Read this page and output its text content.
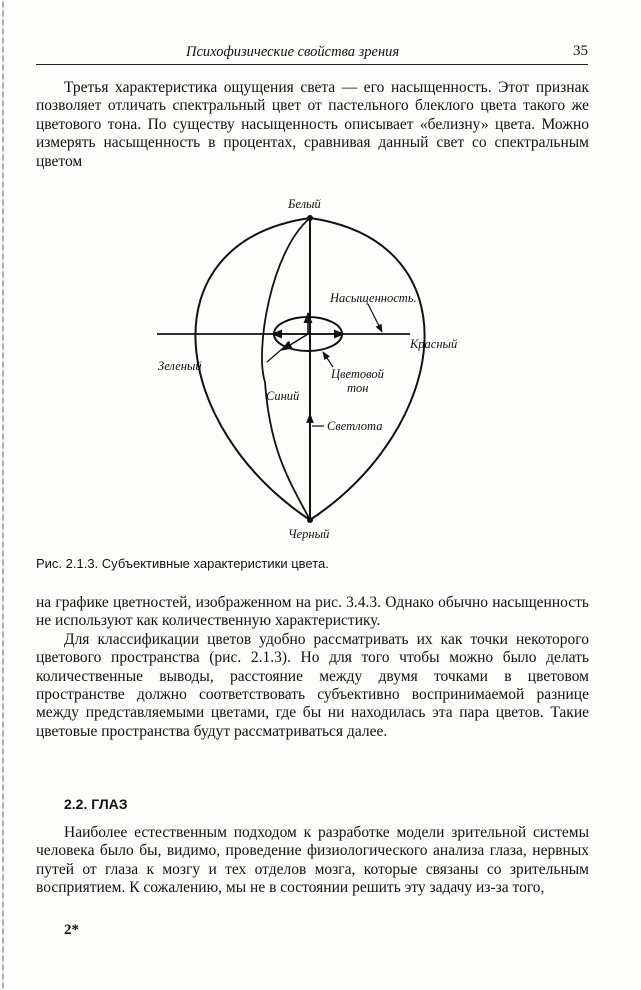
Психофизические свойства зрения	35

Третья характеристика ощущения света — его насыщенность. Этот признак позволяет отличать спектральный цвет от пастельного блеклого цвета такого же цветового тона. По существу насыщенность описывает «белизну» цвета. Можно измерять насыщенность в процентах, сравнивая данный свет со спектральным цветом

Белый
Черный
Зеленый
Красный
Синий
Насыщенность.
Цветовой
тон
Светлота
Рис. 2.1.3. Субъективные характеристики цвета.

на графике цветностей, изображенном на рис. 3.4.3. Однако обычно насыщенность не используют как количественную характеристику.

Для классификации цветов удобно рассматривать их как точки некоторого цветового пространства (рис. 2.1.3). Но для того чтобы можно было делать количественные выводы, расстояние между двумя точками в цветовом пространстве должно соответствовать субъективно воспринимаемой разнице между представляемыми цветами, где бы ни находилась эта пара цветов. Такие цветовые пространства будут рассматриваться далее.

2.2. ГЛАЗ

Наиболее естественным подходом к разработке модели зрительной системы человека было бы, видимо, проведение физиологического анализа глаза, нервных путей от глаза к мозгу и тех отделов мозга, которые связаны со зрительным восприятием. К сожалению, мы не в состоянии решить эту задачу из-за того,

2*
